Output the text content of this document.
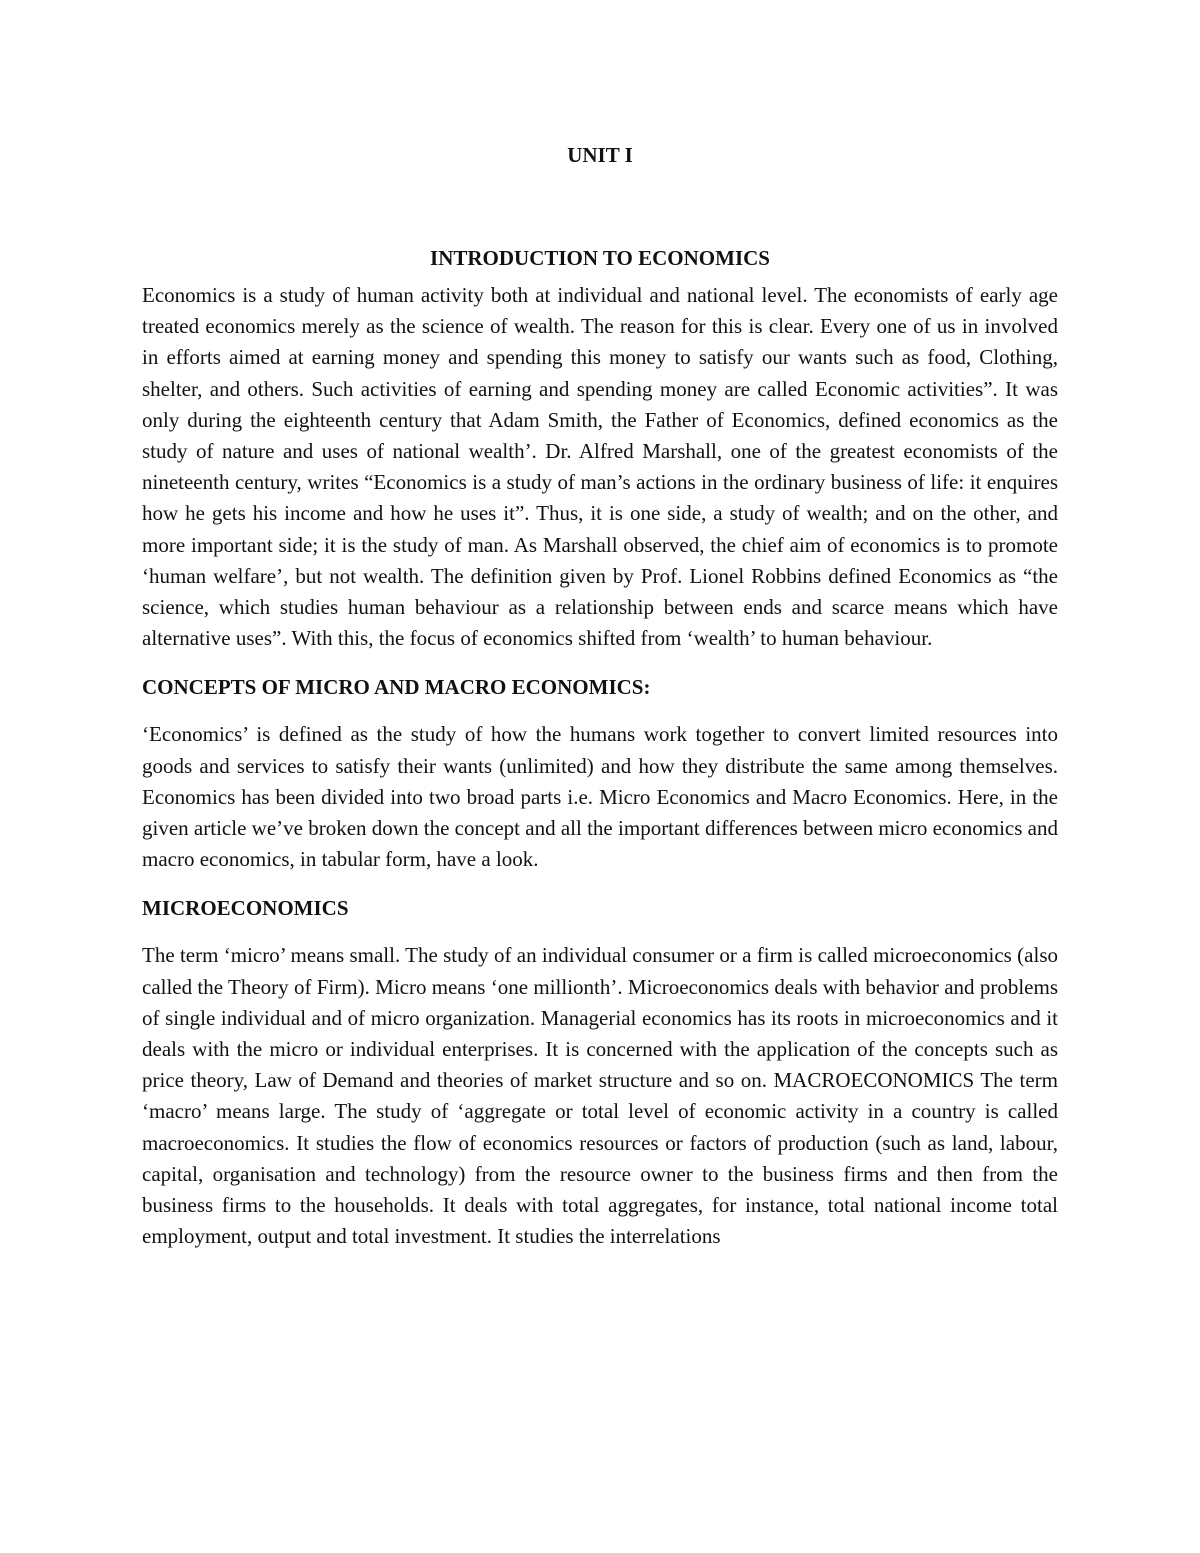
UNIT I
INTRODUCTION TO ECONOMICS

Economics is a study of human activity both at individual and national level. The economists of early age treated economics merely as the science of wealth. The reason for this is clear. Every one of us in involved in efforts aimed at earning money and spending this money to satisfy our wants such as food, Clothing, shelter, and others. Such activities of earning and spending money are called Economic activities”. It was only during the eighteenth century that Adam Smith, the Father of Economics, defined economics as the study of nature and uses of national wealth’. Dr. Alfred Marshall, one of the greatest economists of the nineteenth century, writes “Economics is a study of man’s actions in the ordinary business of life: it enquires how he gets his income and how he uses it”. Thus, it is one side, a study of wealth; and on the other, and more important side; it is the study of man. As Marshall observed, the chief aim of economics is to promote ‘human welfare’, but not wealth. The definition given by Prof. Lionel Robbins defined Economics as “the science, which studies human behaviour as a relationship between ends and scarce means which have alternative uses”. With this, the focus of economics shifted from ‘wealth’ to human behaviour.

CONCEPTS OF MICRO AND MACRO ECONOMICS:

‘Economics’ is defined as the study of how the humans work together to convert limited resources into goods and services to satisfy their wants (unlimited) and how they distribute the same among themselves. Economics has been divided into two broad parts i.e. Micro Economics and Macro Economics. Here, in the given article we’ve broken down the concept and all the important differences between micro economics and macro economics, in tabular form, have a look.

MICROECONOMICS

The term ‘micro’ means small. The study of an individual consumer or a firm is called microeconomics (also called the Theory of Firm). Micro means ‘one millionth’. Microeconomics deals with behavior and problems of single individual and of micro organization. Managerial economics has its roots in microeconomics and it deals with the micro or individual enterprises. It is concerned with the application of the concepts such as price theory, Law of Demand and theories of market structure and so on. MACROECONOMICS The term ‘macro’ means large. The study of ‘aggregate or total level of economic activity in a country is called macroeconomics. It studies the flow of economics resources or factors of production (such as land, labour, capital, organisation and technology) from the resource owner to the business firms and then from the business firms to the households. It deals with total aggregates, for instance, total national income total employment, output and total investment. It studies the interrelations
